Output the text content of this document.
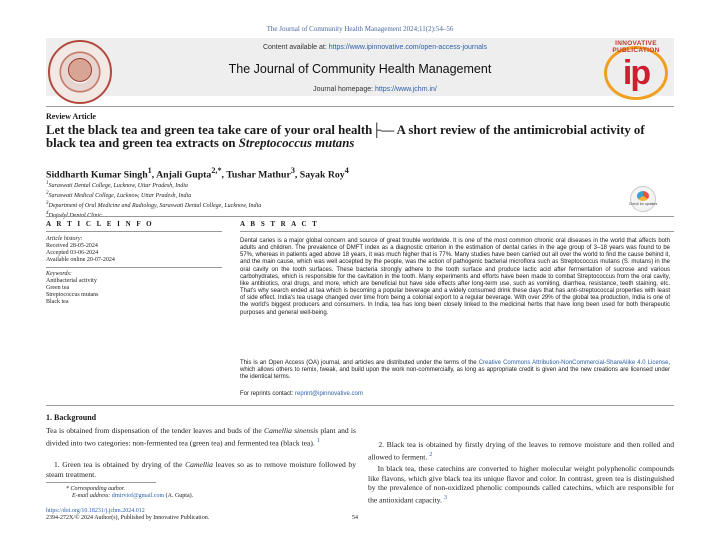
The Journal of Community Health Management 2024;11(2):54–56
Content available at: https://www.ipinnovative.com/open-access-journals
The Journal of Community Health Management
Journal homepage: https://www.jchm.in/
INNOVATIVE PUBLICATION
ip
Review Article
Let the black tea and green tea take care of your oral health├— A short review of the antimicrobial activity of black tea and green tea extracts on Streptococcus mutans
Siddharth Kumar Singh$^1$, Anjali Gupta$^{2,*}$, Tushar Mathur$^3$, Sayak Roy$^4$
$^1$Saraswati Dental College, Lucknow, Uttar Pradesh, India
$^2$Saraswati Medical College, Lucknow, Uttar Pradesh, India
$^3$Department of Oral Medicine and Radiology, Saraswati Dental College, Lucknow, India
$^4$
Check for updates
A R T I C L E I N F O	A B S T R A C T
Article history:
Received 28-05-2024
Accepted 03-06-2024
Available online 20-07-2024
Keywords:
Antibacterial activity
Green tea
Streptococcus mutans
Black tea
Dental caries is a major global concern and source of great trouble worldwide. It is one of the most common chronic oral diseases in the world that affects both adults and children. The prevalence of DMFT index as a diagnostic criterion in the estimation of dental caries in the age group of 3–18 years was found to be 57%, whereas in patients aged above 18 years, it was much higher that is 77%. Many studies have been carried out all over the world to find the cause behind it, and the main cause, which was well accepted by the people, was the action of pathogenic bacterial microflora such as Streptococcus mutans (S. mutans) in the oral cavity on the tooth surfaces. These bacteria strongly adhere to the tooth surface and produce lactic acid after fermentation of sucrose and various carbohydrates, which is responsible for the cavitation in the tooth. Many experiments and efforts have been made to combat Streptococcus from the oral cavity, like antibiotics, oral drugs, and more, which are beneficial but have side effects after long-term use, such as vomiting, diarrhea, resistance, teeth staining, etc. That's why search ended at tea which is becoming a popular beverage and a widely consumed drink these days that has anti-streptococcal properties with least of side effect. India's tea usage changed over time from being a colonial export to a regular beverage. With over 29% of the global tea production, India is one of the world's biggest producers and consumers. In India, tea has long been closely linked to the medicinal herbs that have long been used for both therapeutic purposes and general well-being.
This is an Open Access (OA) journal, and articles are distributed under the terms of the Creative Commons Attribution-NonCommercial-ShareAlike 4.0 License, which allows others to remix, tweak, and build upon the work non-commercially, as long as appropriate credit is given and the new creations are licensed under the identical terms.
For reprints contact: reprint@ipinnovative.com
1. Background
Tea is obtained from dispensation of the tender leaves and buds of the Camellia sinensis plant and is divided into two categories: non-fermented tea (green tea) and fermented tea (black tea). $^1$
1. Green tea is obtained by drying of the Camellia leaves so as to remove moisture followed by steam treatment.
2. Black tea is obtained by firstly drying of the leaves to remove moisture and then rolled and allowed to ferment. $^2$
In black tea, these catechins are converted to higher molecular weight polyphenolic compounds like flavons, which give black tea its unique flavor and color. In contrast, green tea is distinguished by the prevalence of non-oxidized phenolic compounds called catechins, which are responsible for the antioxidant capacity. $^3$
* Corresponding author.
E-mail address: drnirviof@gmail.com (A. Gupta).
https://doi.org/10.18231/j.jchm.2024.012
2394-272X/© 2024 Author(s), Published by Innovative Publication.	54
